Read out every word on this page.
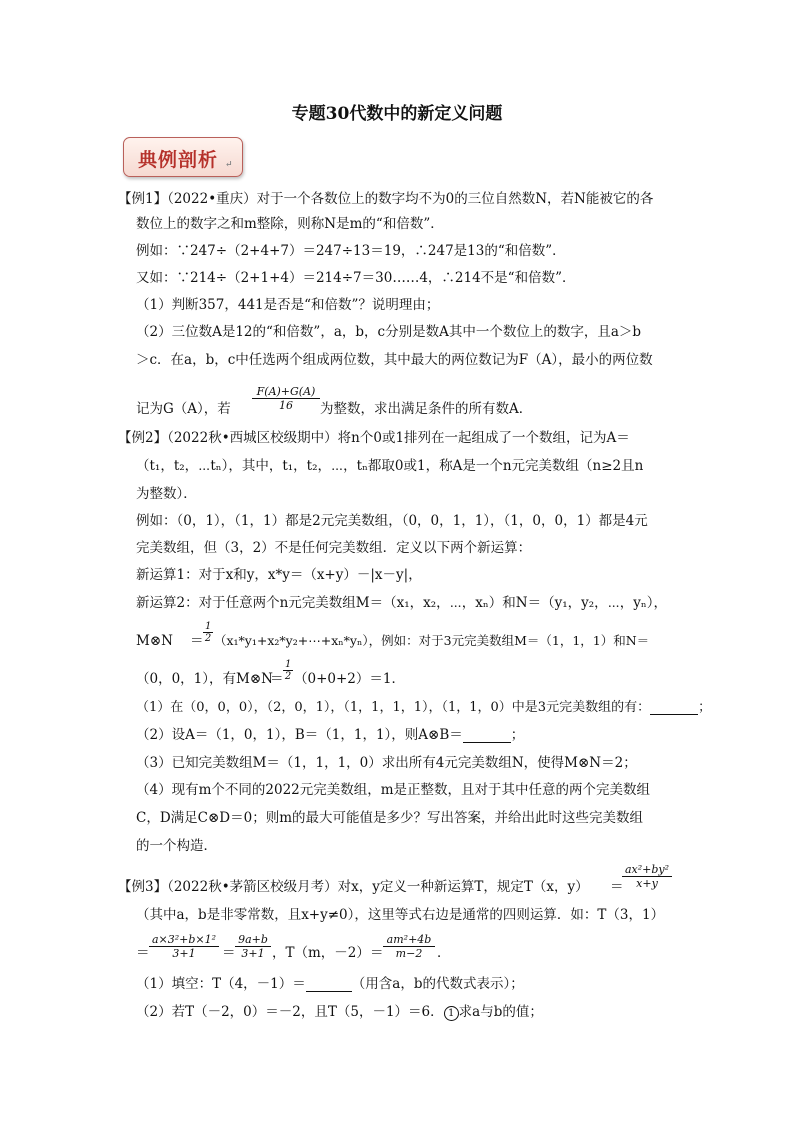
专题30代数中的新定义问题
典例剖析 ↵
【例1】（2022•重庆）对于一个各数位上的数字均不为0的三位自然数N，若N能被它的各
数位上的数字之和m整除，则称N是m的“和倍数”．
例如：∵247÷（2+4+7）＝247÷13＝19，∴247是13的“和倍数”．
又如：∵214÷（2+1+4）＝214÷7＝30……4，∴214不是“和倍数”．
（1）判断357，441是否是“和倍数”？说明理由；
（2）三位数A是12的“和倍数”，a，b，c分别是数A其中一个数位上的数字，且a＞b
＞c．在a，b，c中任选两个组成两位数，其中最大的两位数记为F（A），最小的两位数
记为G（A），若 $\frac{F(A)+G(A)}{16}$ 为整数，求出满足条件的所有数A．
【例2】（2022秋•西城区校级期中）将n个0或1排列在一起组成了一个数组，记为A＝
（t₁，t₂，⋯tₙ），其中，t₁，t₂，⋯，tₙ都取0或1，称A是一个n元完美数组（n≥2且n
为整数）．
例如：（0，1），（1，1）都是2元完美数组，（0，0，1，1），（1，0，0，1）都是4元
完美数组，但（3，2）不是任何完美数组．定义以下两个新运算：
新运算1：对于x和y，x*y＝（x+y）－|x－y|，
新运算2：对于任意两个n元完美数组M＝（x₁，x₂，⋯，xₙ）和N＝（y₁，y₂，⋯，yₙ），
M⊗N ＝ $\frac{1}{2}$ （x₁*y₁+x₂*y₂+⋯+xₙ*yₙ），例如：对于3元完美数组M＝（1，1，1）和N＝
（0，0，1），有M⊗N
＝ $\frac{1}{2} (0+0+2)=1$．
（1）在（0，0，0），（2，0，1），（1，1，1，1），（1，1，0）中是3元完美数组的有：	；
（2）设A＝（1，0，1），B＝（1，1，1），则A⊗B＝	；
（3）已知完美数组M＝（1，1，1，0）求出所有4元完美数组N，使得M⊗N＝2；
（4）现有m个不同的2022元完美数组，m是正整数，且对于其中任意的两个完美数组
C，D满足C⊗D＝0；则m的最大可能值是多少？写出答案，并给出此时这些完美数组
的一个构造．
【例3】（2022秋•茅箭区校级月考）对x，y定义一种新运算T，规定T（x，y） ＝
$\frac{\text{ax²+by²}}{x+y}$
（其中a，b是非零常数，且x+y≠0），这里等式右边是通常的四则运算．如：T（3，1）
＝ $\frac{\text{a×3²+b×1²}}{3+1} = \frac{9a+b}{3+1}$ ，T（m，$-2) = \frac{\text{am²+4b}}{m-2}$ ．
（1）填空：T（4，－1）＝	（用含a，b的代数式表示）；
（2）若T（－2，0）＝－2，且T（5，－1）＝6． 1 求a与b的值；
